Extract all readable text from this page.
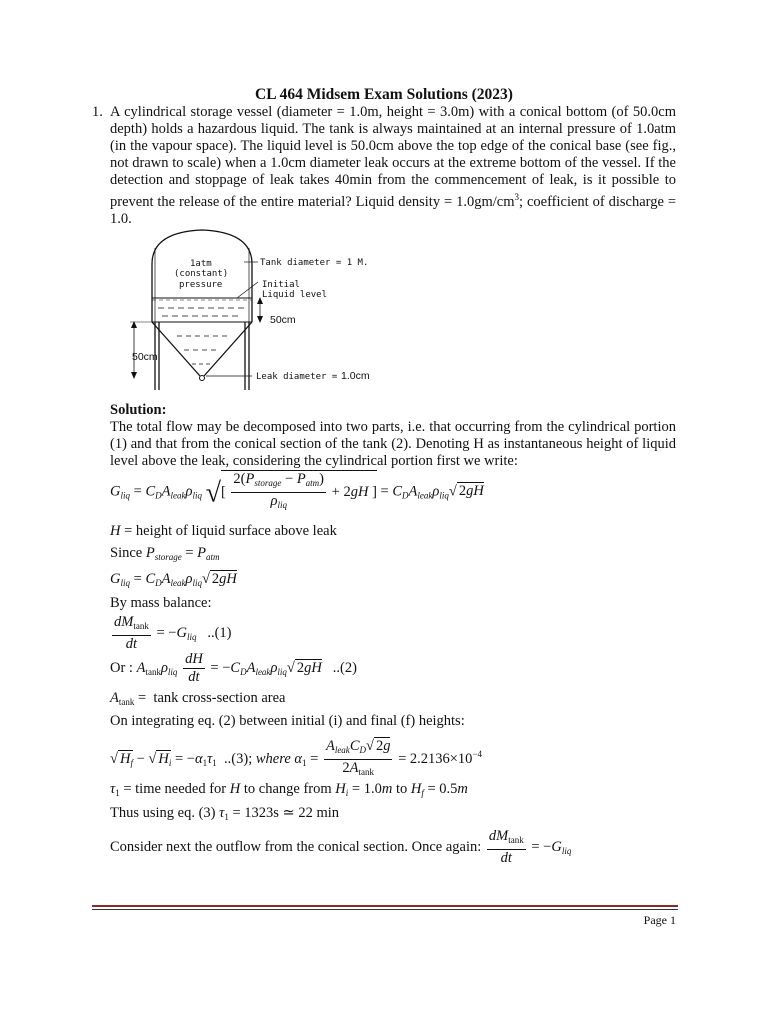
CL 464 Midsem Exam Solutions (2023)
1. A cylindrical storage vessel (diameter = 1.0m, height = 3.0m) with a conical bottom (of 50.0cm depth) holds a hazardous liquid. The tank is always maintained at an internal pressure of 1.0atm (in the vapour space). The liquid level is 50.0cm above the top edge of the conical base (see fig., not drawn to scale) when a 1.0cm diameter leak occurs at the extreme bottom of the vessel. If the detection and stoppage of leak takes 40min from the commencement of leak, is it possible to prevent the release of the entire material? Liquid density = $1.0gm/cm^3$; coefficient of discharge = 1.0.
50cm
50cm
1atm
(constant)
pressure
Tank diameter = 1 M.
Initial
Liquid level
Leak diameter = 1.0cm
Solution:
The total flow may be decomposed into two parts, i.e. that occurring from the cylindrical portion (1) and that from the conical section of the tank (2). Denoting H as instantaneous height of liquid level above the leak, considering the cylindrical portion first we write:
$G_{liq} = C_DA_{leak}\rho_{liq}$ √[ $\frac{2(P_{storage} - P_{atm})}{\rho_{liq}} + 2gH$ ] = $C_DA_{leak}\rho_{liq}√$ 2gH
H = height of liquid surface above leak
Since $P_{storage} = P_{atm}$
$G_{liq} = C_DA_{leak}\rho_{liq}√$ 2gH
By mass balance:
$\frac{dM_{tank}}{dt} = -G_{liq}$ ..(1)
Or : $A_{tank}\rho_{liq} \frac{dH}{dt} = -C_DA_{leak}\rho_{liq}√$ 2gH ..(2)
$A_{tank} = \tan k$ cross-section area
On integrating eq. (2) between initial (i) and final (f) heights:
√ $H_f$ − √ $H_i = -\alpha_1\tau_1$ ..(3); where $\alpha_1 = \frac{A_{leak}C_D√ 2g}{2A_{tank}} = 2.2136\times 10^{-4}$
$\tau_1$ = time needed for H to change from $H_i = 1.0m$ to $H_f = 0.5m$
Thus using eq. (3) $\tau_1 = 1323s$ ≃ 22 min
Consider next the outflow from the conical section. Once again: $\frac{dM_{tank}}{dt} = -G_{liq}$
Page 1
